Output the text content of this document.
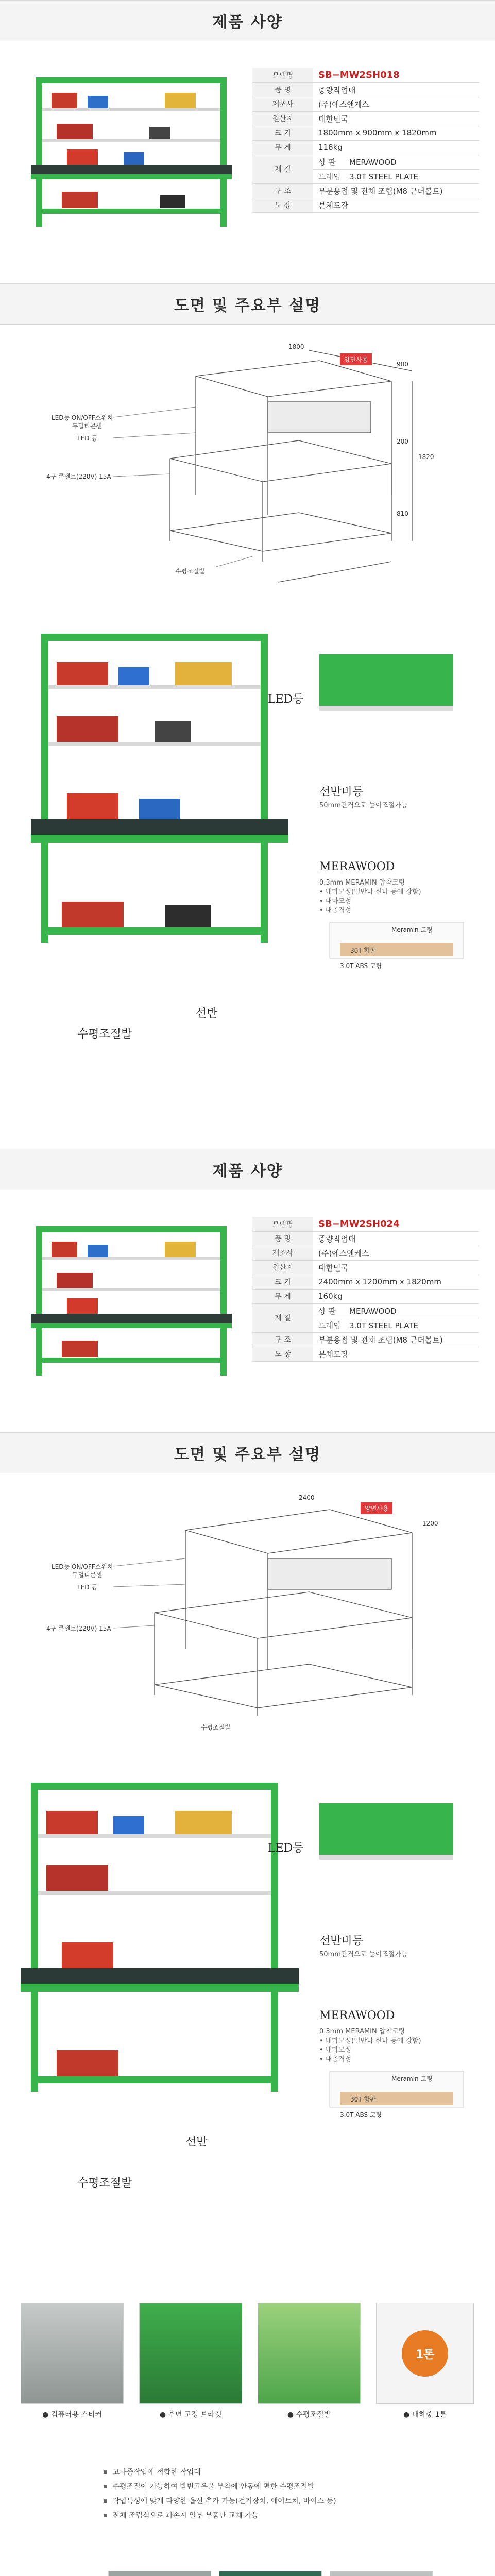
제품 사양
모델명	SB−MW2SH018
품 명	중량작업대
제조사	(주)에스앤케스
원산지	대한민국
크 기	1800mm x 900mm x 1820mm
무 게	118kg
재 질	상 판 MERAWOOD
	프레임 3.0T STEEL PLATE
구 조	부분용접 및 전체 조립(M8 근더볼트)
도 장	분체도장
도면 및 주요부 설명
LED등 ON/OFF스위치
두멀티콘센
LED 등
4구 콘센트(220V) 15A
수평조절발
양면사용
1800
900
1820
810
200
LED등
선반비등
50mm간격으로 높이조절가능
MERAWOOD
0.3mm MERAMIN 압착코팅
• 내마모성(일반나 신나 등에 강함)
• 내마모성
• 내충격성
Meramin 코팅
30T 합판
3.0T ABS 코팅
선반
수평조절발
제품 사양
모델명	SB−MW2SH024
품 명	중량작업대
제조사	(주)에스앤케스
원산지	대한민국
크 기	2400mm x 1200mm x 1820mm
무 게	160kg
재 질	상 판 MERAWOOD
	프레임 3.0T STEEL PLATE
구 조	부분용접 및 전체 조립(M8 근더볼트)
도 장	분체도장
도면 및 주요부 설명
LED등 ON/OFF스위치
두멀티콘센
LED 등
4구 콘센트(220V) 15A
수평조절발
양면사용
2400
1200
LED등
선반비등
50mm간격으로 높이조절가능
MERAWOOD
0.3mm MERAMIN 압착코팅
• 내마모성(일반나 신나 등에 강함)
• 내마모성
• 내충격성
Meramin 코팅
30T 합판
3.0T ABS 코팅
선반
수평조절발
● 컴퓨터용 스티커	● 후면 고정 브라켓	● 수평조절발
1톤
● 내하중 1톤
■ 고하중작업에 적합한 작업대
■ 수평조절이 가능하여 받빈고우울 부착에 안동에 편한 수평조절발
■ 작업특성에 맞게 다양한 옵션 추가 가능(전기장치, 에어토치, 바이스 등)
■ 전체 조립식으로 파손시 일부 부품만 교체 가능
